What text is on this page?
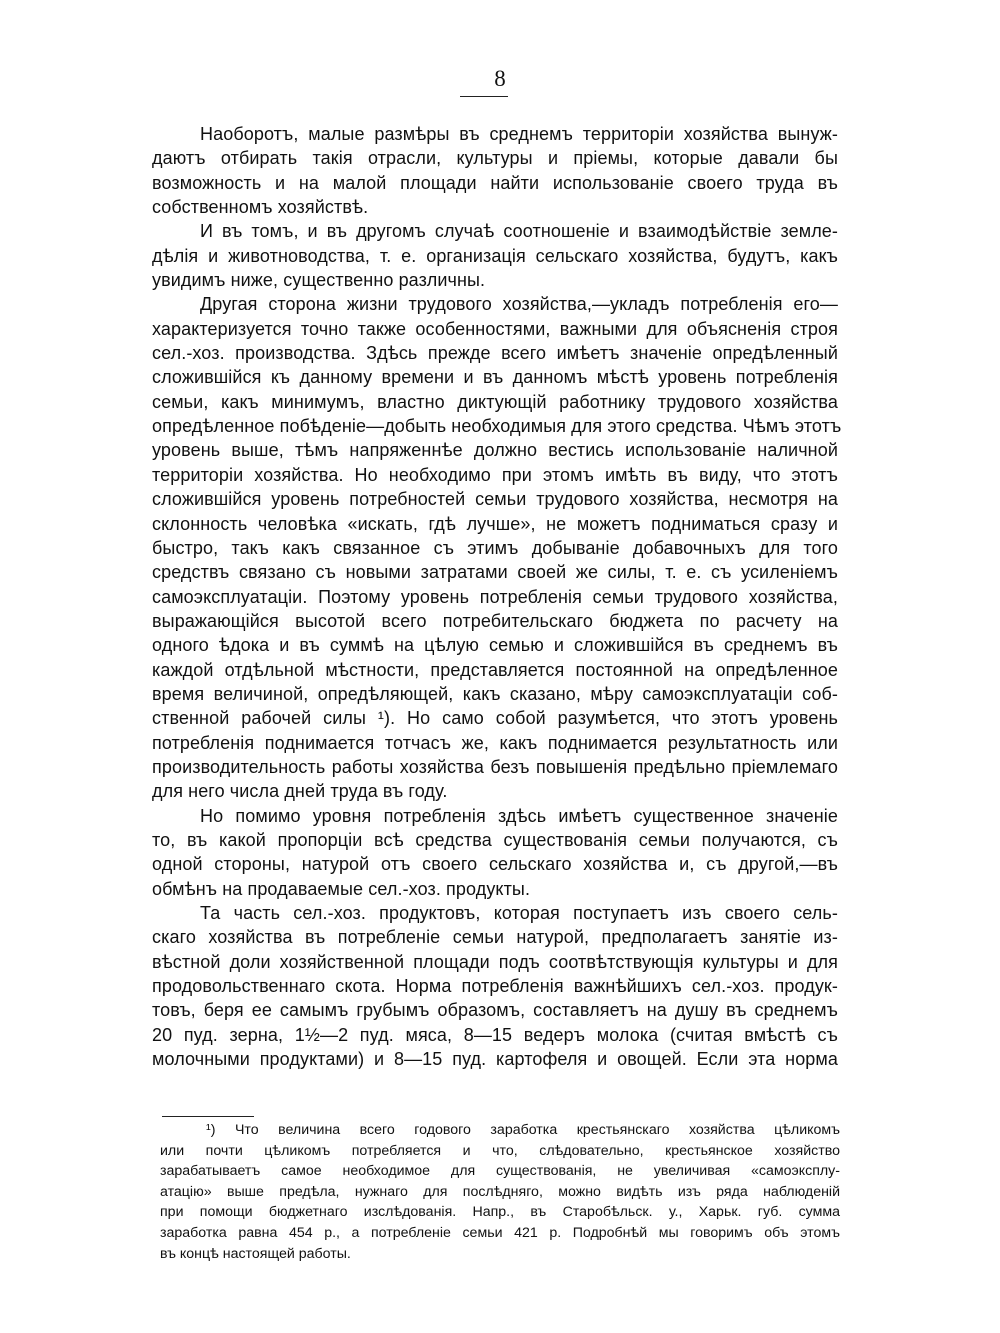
8
Наоборотъ, малые размѣры въ среднемъ территоріи хозяйства вынуж-
даютъ отбирать такія отрасли, культуры и пріемы, которые давали бы
возможность и на малой площади найти использованіе своего труда въ
собственномъ хозяйствѣ.
И въ томъ, и въ другомъ случаѣ соотношеніе и взаимодѣйствіе земле-
дѣлія и животноводства, т. е. организація сельскаго хозяйства, будутъ, какъ
увидимъ ниже, существенно различны.
Другая сторона жизни трудового хозяйства,—укладъ потребленія его—
характеризуется точно также особенностями, важными для объясненія строя
сел.-хоз. производства. Здѣсь прежде всего имѣетъ значеніе опредѣленный
сложившійся къ данному времени и въ данномъ мѣстѣ уровень потребленія
семьи, какъ минимумъ, властно диктующій работнику трудового хозяйства
опредѣленное побѣденіе—добыть необходимыя для этого средства. Чѣмъ этотъ
уровень выше, тѣмъ напряженнѣе должно вестись использованіе наличной
территоріи хозяйства. Но необходимо при этомъ имѣть въ виду, что этотъ
сложившійся уровень потребностей семьи трудового хозяйства, несмотря на
склонность человѣка «искать, гдѣ лучше», не можетъ подниматься сразу и
быстро, такъ какъ связанное съ этимъ добываніе добавочныхъ для того
средствъ связано съ новыми затратами своей же силы, т. е. съ усиленіемъ
самоэксплуатаціи. Поэтому уровень потребленія семьи трудового хозяйства,
выражающійся высотой всего потребительскаго бюджета по расчету на
одного ѣдока и въ суммѣ на цѣлую семью и сложившійся въ среднемъ въ
каждой отдѣльной мѣстности, представляется постоянной на опредѣленное
время величиной, опредѣляющей, какъ сказано, мѣру самоэксплуатаціи соб-
ственной рабочей силы ¹). Но само собой разумѣется, что этотъ уровень
потребленія поднимается тотчасъ же, какъ поднимается результатность или
производительность работы хозяйства безъ повышенія предѣльно пріемлемаго
для него числа дней труда въ году.
Но помимо уровня потребленія здѣсь имѣетъ существенное значеніе
то, въ какой пропорціи всѣ средства существованія семьи получаются, съ
одной стороны, натурой отъ своего сельскаго хозяйства и, съ другой,—въ
обмѣнъ на продаваемые сел.-хоз. продукты.
Та часть сел.-хоз. продуктовъ, которая поступаетъ изъ своего сель-
скаго хозяйства въ потребленіе семьи натурой, предполагаетъ занятіе из-
вѣстной доли хозяйственной площади подъ соотвѣтствующія культуры и для
продовольственнаго скота. Норма потребленія важнѣйшихъ сел.-хоз. продук-
товъ, беря ее самымъ грубымъ образомъ, составляетъ на душу въ среднемъ
20 пуд. зерна, 1½—2 пуд. мяса, 8—15 ведеръ молока (считая вмѣстѣ съ
молочными продуктами) и 8—15 пуд. картофеля и овощей. Если эта норма
¹) Что величина всего годового заработка крестьянскаго хозяйства цѣликомъ
или почти цѣликомъ потребляется и что, слѣдовательно, крестьянское хозяйство
зарабатываетъ самое необходимое для существованія, не увеличивая «самоэксплу-
атацію» выше предѣла, нужнаго для послѣдняго, можно видѣть изъ ряда наблюденій
при помощи бюджетнаго изслѣдованія. Напр., въ Старобѣльск. у., Харьк. губ. сумма
заработка равна 454 р., а потребленіе семьи 421 р. Подробнѣй мы говоримъ объ этомъ
въ концѣ настоящей работы.
